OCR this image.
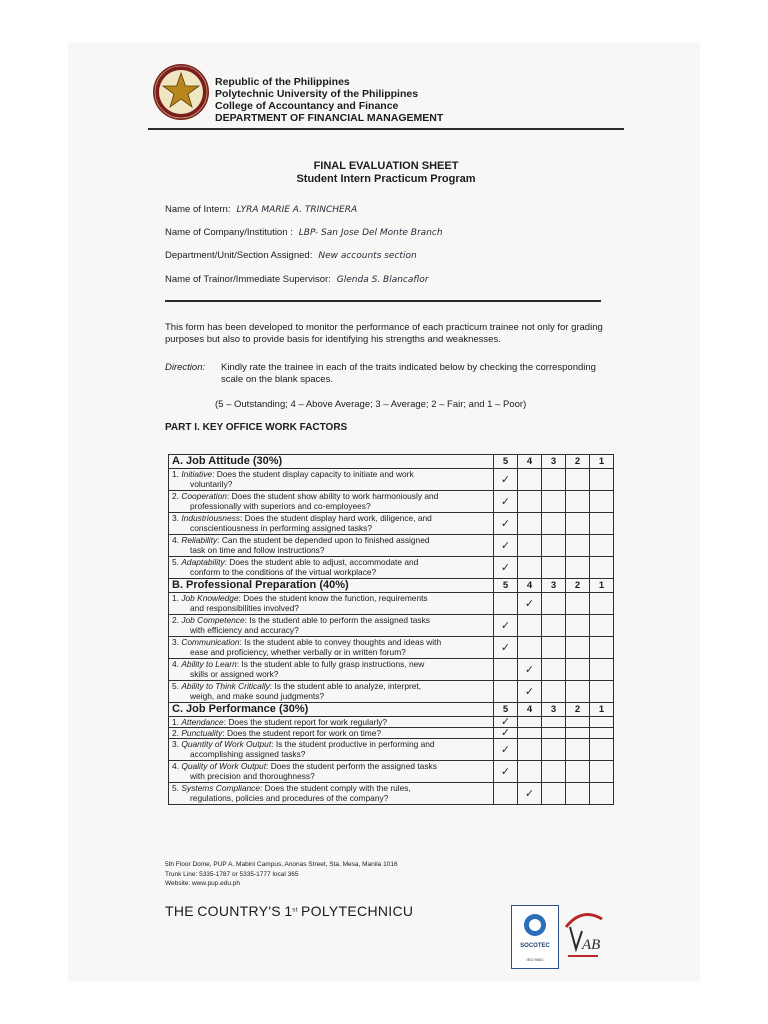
Republic of the Philippines
Polytechnic University of the Philippines
College of Accountancy and Finance
DEPARTMENT OF FINANCIAL MANAGEMENT
FINAL EVALUATION SHEET
Student Intern Practicum Program
Name of Intern: LYRA MARIE A. TRINCHERA
Name of Company/Institution : LBP- San Jose Del Monte Branch
Department/Unit/Section Assigned: New accounts section
Name of Trainor/Immediate Supervisor: Glenda S. Blancaflor
This form has been developed to monitor the performance of each practicum trainee not only for grading purposes but also to provide basis for identifying his strengths and weaknesses.
Direction: Kindly rate the trainee in each of the traits indicated below by checking the corresponding scale on the blank spaces.
(5 – Outstanding; 4 – Above Average; 3 – Average; 2 – Fair; and 1 – Poor)
PART I. KEY OFFICE WORK FACTORS
A. Job Attitude (30%)	5	4	3	2	1
1. Initiative: Does the student display capacity to initiate and work
voluntarily?	✓				
2. Cooperation: Does the student show ability to work harmoniously and
professionally with superiors and co-employees?	✓				
3. Industriousness: Does the student display hard work, diligence, and
conscientiousness in performing assigned tasks?	✓				
4. Reliability: Can the student be depended upon to finished assigned
task on time and follow instructions?	✓				
5. Adaptability: Does the student able to adjust, accommodate and
conform to the conditions of the virtual workplace?	✓				
B. Professional Preparation (40%)	5	4	3	2	1
1. Job Knowledge: Does the student know the function, requirements
and responsibilities involved?		✓			
2. Job Competence: Is the student able to perform the assigned tasks
with efficiency and accuracy?	✓				
3. Communication: Is the student able to convey thoughts and ideas with
ease and proficiency, whether verbally or in written forum?	✓				
4. Ability to Learn: Is the student able to fully grasp instructions, new
skills or assigned work?		✓			
5. Ability to Think Critically: Is the student able to analyze, interpret,
weigh, and make sound judgments?		✓			
C. Job Performance (30%)	5	4	3	2	1
1. Attendance: Does the student report for work regularly?	✓				
2. Punctuality: Does the student report for work on time?	✓				
3. Quantity of Work Output: Is the student productive in performing and
accomplishing assigned tasks?	✓				
4. Quality of Work Output: Does the student perform the assigned tasks
with precision and thoroughness?	✓				
5. Systems Compliance: Does the student comply with the rules,
regulations, policies and procedures of the company?		✓			
5th Floor Dome, PUP A. Mabini Campus, Anonas Street, Sta. Mesa, Manila 1016
Trunk Line: 5335-1787 or 5335-1777 local 365
Website: www.pup.edu.ph
THE COUNTRY'S 1st POLYTECHNICU
SOCOTEC
ISO 9001
AB
